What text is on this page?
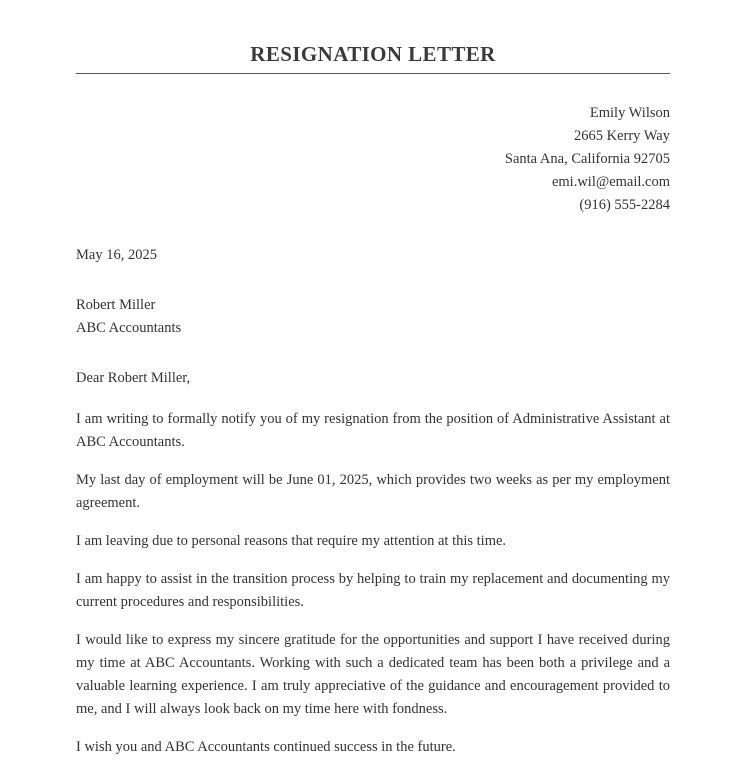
RESIGNATION LETTER
Emily Wilson
2665 Kerry Way
Santa Ana, California 92705
emi.wil@email.com
(916) 555-2284
May 16, 2025
Robert Miller
ABC Accountants
Dear Robert Miller,
I am writing to formally notify you of my resignation from the position of Administrative Assistant at ABC Accountants.
My last day of employment will be June 01, 2025, which provides two weeks as per my employment agreement.
I am leaving due to personal reasons that require my attention at this time.
I am happy to assist in the transition process by helping to train my replacement and documenting my current procedures and responsibilities.
I would like to express my sincere gratitude for the opportunities and support I have received during my time at ABC Accountants. Working with such a dedicated team has been both a privilege and a valuable learning experience. I am truly appreciative of the guidance and encouragement provided to me, and I will always look back on my time here with fondness.
I wish you and ABC Accountants continued success in the future.
